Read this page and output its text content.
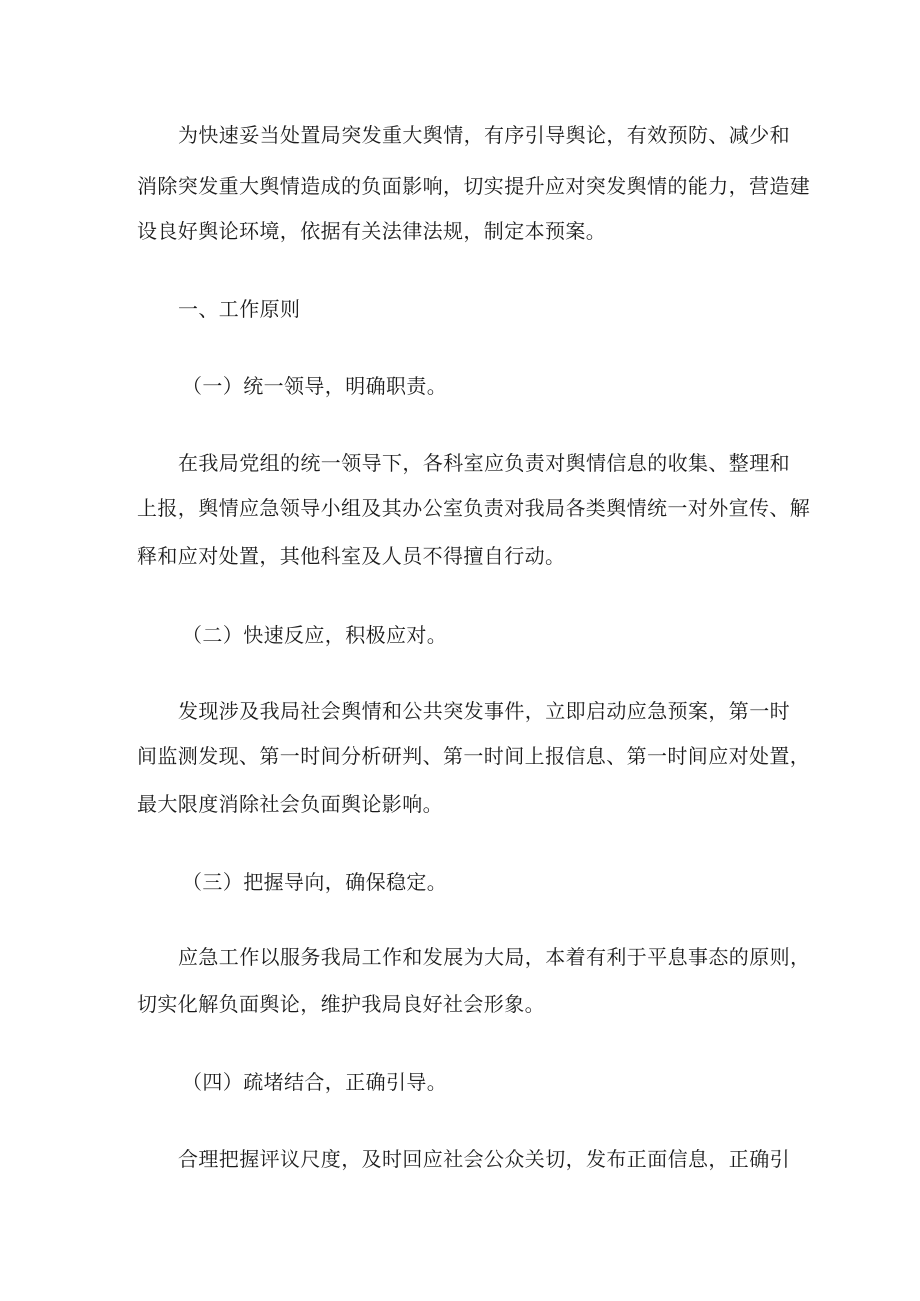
为快速妥当处置局突发重大舆情，有序引导舆论，有效预防、减少和
消除突发重大舆情造成的负面影响，切实提升应对突发舆情的能力，营造建
设良好舆论环境，依据有关法律法规，制定本预案。
一、工作原则
（一）统一领导，明确职责。
在我局党组的统一领导下，各科室应负责对舆情信息的收集、整理和
上报，舆情应急领导小组及其办公室负责对我局各类舆情统一对外宣传、解
释和应对处置，其他科室及人员不得擅自行动。
（二）快速反应，积极应对。
发现涉及我局社会舆情和公共突发事件，立即启动应急预案，第一时
间监测发现、第一时间分析研判、第一时间上报信息、第一时间应对处置，
最大限度消除社会负面舆论影响。
（三）把握导向，确保稳定。
应急工作以服务我局工作和发展为大局，本着有利于平息事态的原则，
切实化解负面舆论，维护我局良好社会形象。
（四）疏堵结合，正确引导。
合理把握评议尺度，及时回应社会公众关切，发布正面信息，正确引
